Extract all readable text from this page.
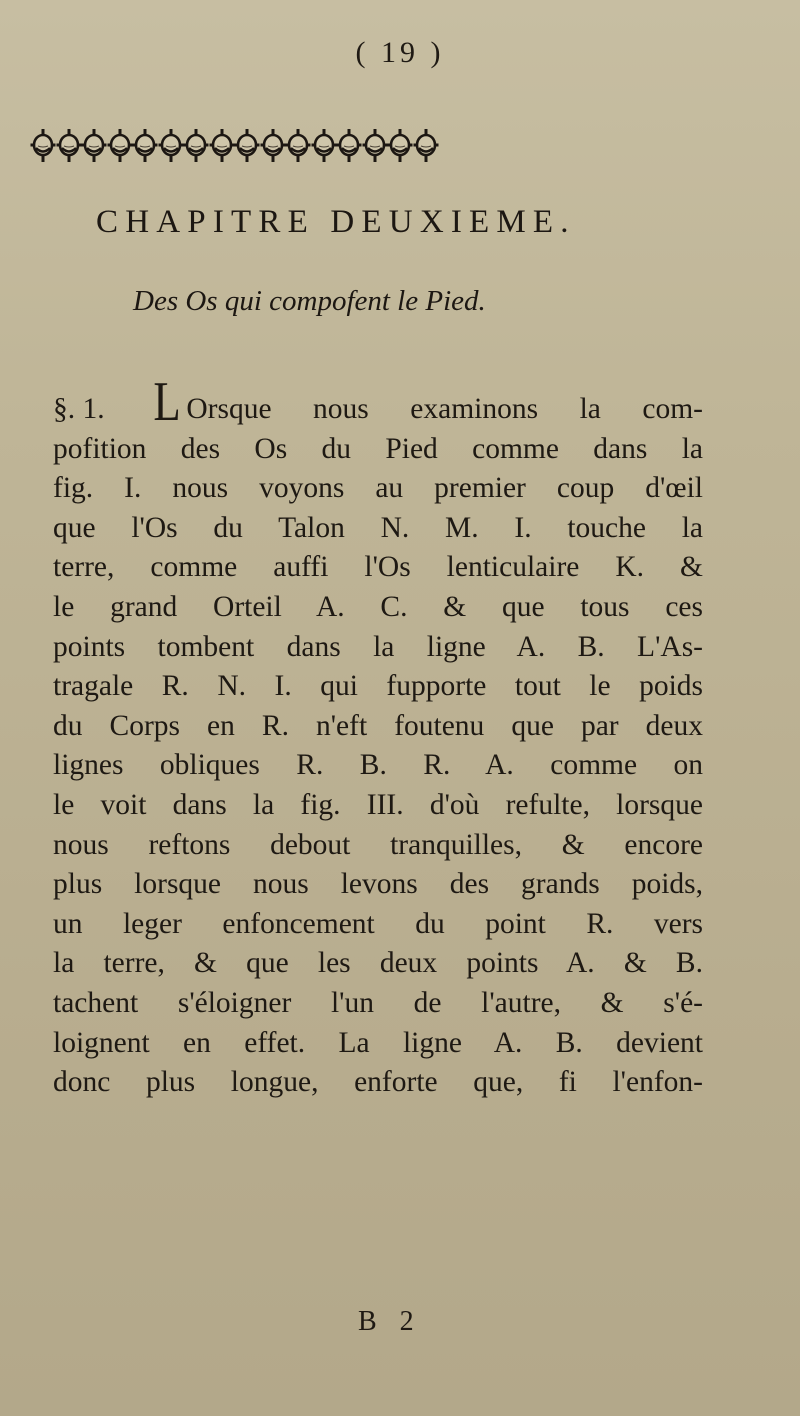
( 19 )
CHAPITRE DEUXIEME.
Des Os qui compofent le Pied.
§. 1. L Orsque nous examinons la com-
pofition des Os du Pied comme dans la
fig. I. nous voyons au premier coup d'œil
que l'Os du Talon N. M. I. touche la
terre, comme auffi l'Os lenticulaire K. &
le grand Orteil A. C. & que tous ces
points tombent dans la ligne A. B. L'As-
tragale R. N. I. qui fupporte tout le poids
du Corps en R. n'eft foutenu que par deux
lignes obliques R. B. R. A. comme on
le voit dans la fig. III. d'où refulte, lorsque
nous reftons debout tranquilles, & encore
plus lorsque nous levons des grands poids,
un leger enfoncement du point R. vers
la terre, & que les deux points A. & B.
tachent s'éloigner l'un de l'autre, & s'é-
loignent en effet. La ligne A. B. devient
donc plus longue, enforte que, fi l'enfon-
B 2
